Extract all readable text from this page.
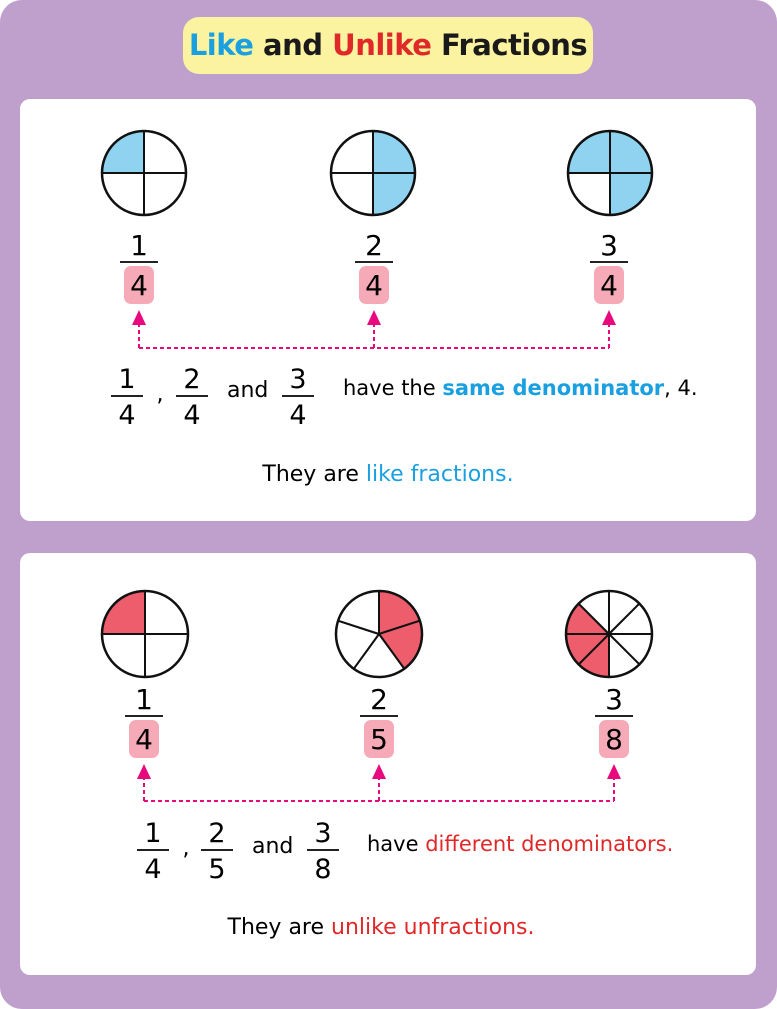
Like and Unlike Fractions
1
4
2
4
3
4
1
4
, 2
4
and 3
4
have the same denominator, 4.
They are like fractions.
1
4
2
5
3
8
1
4
, 2
5
and 3
8
have different denominators.
They are unlike unfractions.
